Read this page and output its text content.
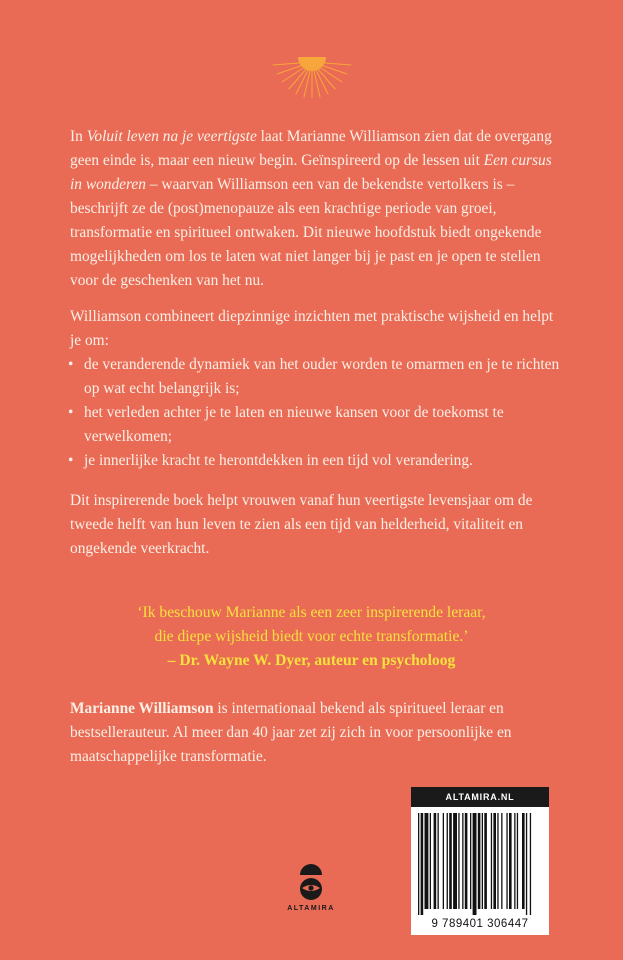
In Voluit leven na je veertigste laat Marianne Williamson zien dat de overgang geen einde is, maar een nieuw begin. Geïnspireerd op de lessen uit Een cursus in wonderen – waarvan Williamson een van de bekendste vertolkers is – beschrijft ze de (post)menopauze als een krachtige periode van groei, transformatie en spiritueel ontwaken. Dit nieuwe hoofdstuk biedt ongekende mogelijkheden om los te laten wat niet langer bij je past en je open te stellen voor de geschenken van het nu.

Williamson combineert diepzinnige inzichten met praktische wijsheid en helpt je om:

• de veranderende dynamiek van het ouder worden te omarmen en je te richten op wat echt belangrijk is;
• het verleden achter je te laten en nieuwe kansen voor de toekomst te verwelkomen;
• je innerlijke kracht te herontdekken in een tijd vol verandering.

Dit inspirerende boek helpt vrouwen vanaf hun veertigste levensjaar om de tweede helft van hun leven te zien als een tijd van helderheid, vitaliteit en ongekende veerkracht.

‘Ik beschouw Marianne als een zeer inspirerende leraar,

die diepe wijsheid biedt voor echte transformatie.’

– Dr. Wayne W. Dyer, auteur en psycholoog

Marianne Williamson is internationaal bekend als spiritueel leraar en bestsellerauteur. Al meer dan 40 jaar zet zij zich in voor persoonlijke en maatschappelijke transformatie.

ALTAMIRA
ALTAMIRA.NL
9 789401 306447
